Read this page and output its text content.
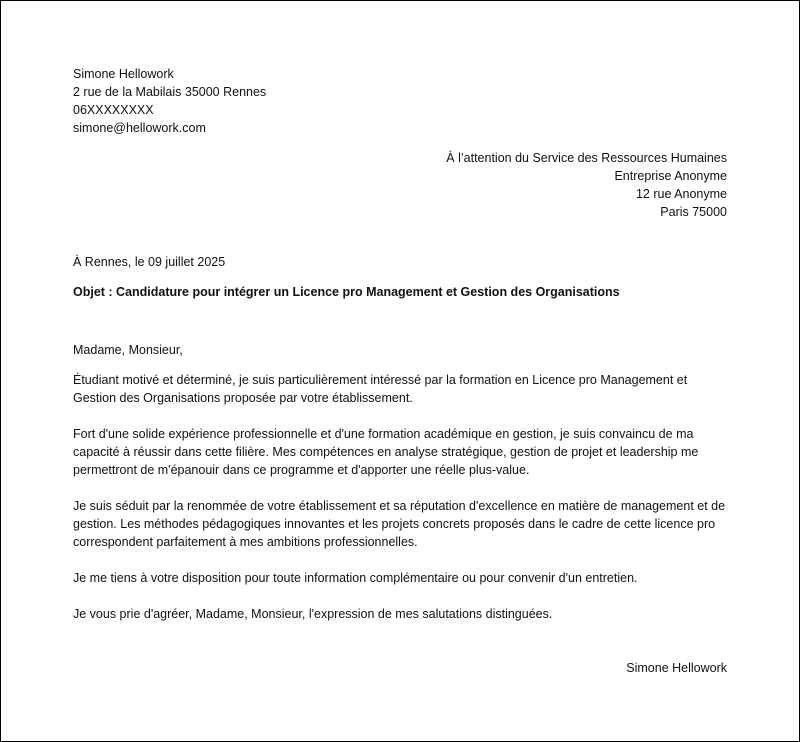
Simone Hellowork
2 rue de la Mabilais 35000 Rennes
06XXXXXXXX
simone@hellowork.com
À l’attention du Service des Ressources Humaines
Entreprise Anonyme
12 rue Anonyme
Paris 75000
À Rennes, le 09 juillet 2025
Objet : Candidature pour intégrer un Licence pro Management et Gestion des Organisations
Madame, Monsieur,
Étudiant motivé et déterminé, je suis particulièrement intéressé par la formation en Licence pro Management et Gestion des Organisations proposée par votre établissement.
Fort d'une solide expérience professionnelle et d'une formation académique en gestion, je suis convaincu de ma capacité à réussir dans cette filière. Mes compétences en analyse stratégique, gestion de projet et leadership me permettront de m'épanouir dans ce programme et d'apporter une réelle plus-value.
Je suis séduit par la renommée de votre établissement et sa réputation d'excellence en matière de management et de gestion. Les méthodes pédagogiques innovantes et les projets concrets proposés dans le cadre de cette licence pro correspondent parfaitement à mes ambitions professionnelles.
Je me tiens à votre disposition pour toute information complémentaire ou pour convenir d'un entretien.
Je vous prie d'agréer, Madame, Monsieur, l'expression de mes salutations distinguées.
Simone Hellowork
